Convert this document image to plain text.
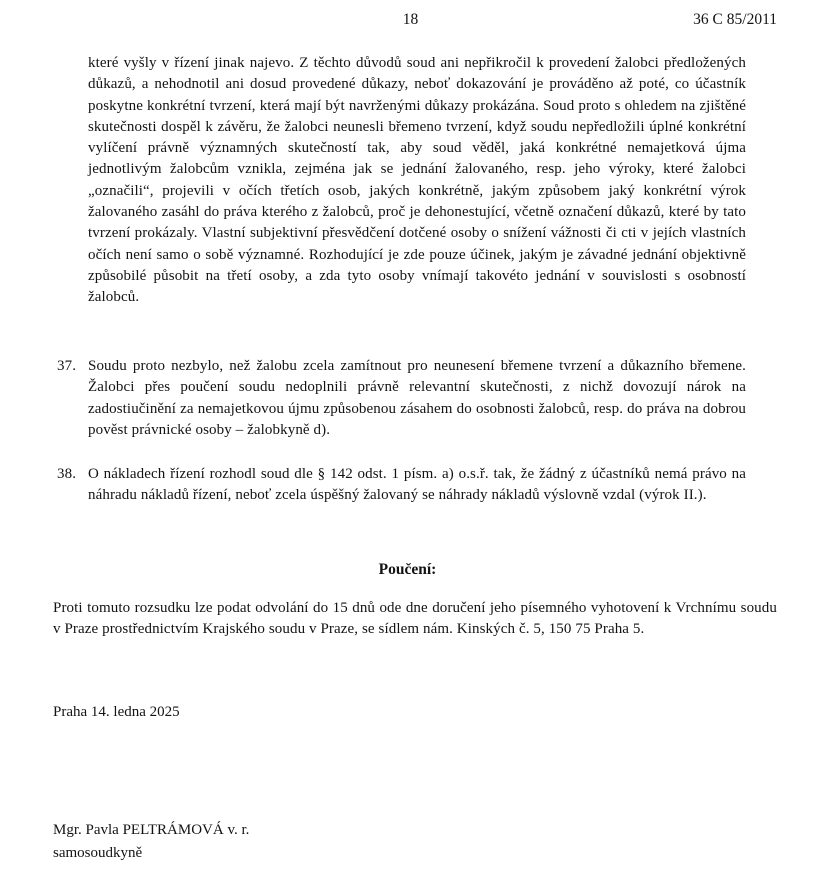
18	36 C 85/2011

které vyšly v řízení jinak najevo. Z těchto důvodů soud ani nepřikročil k provedení žalobci předložených důkazů, a nehodnotil ani dosud provedené důkazy, neboť dokazování je prováděno až poté, co účastník poskytne konkrétní tvrzení, která mají být navrženými důkazy prokázána. Soud proto s ohledem na zjištěné skutečnosti dospěl k závěru, že žalobci neunesli břemeno tvrzení, když soudu nepředložili úplné konkrétní vylíčení právně významných skutečností tak, aby soud věděl, jaká konkrétné nemajetková újma jednotlivým žalobcům vznikla, zejména jak se jednání žalovaného, resp. jeho výroky, které žalobci „označili“, projevili v očích třetích osob, jakých konkrétně, jakým způsobem jaký konkrétní výrok žalovaného zasáhl do práva kterého z žalobců, proč je dehonestující, včetně označení důkazů, které by tato tvrzení prokázaly. Vlastní subjektivní přesvědčení dotčené osoby o snížení vážnosti či cti v jejích vlastních očích není samo o sobě významné. Rozhodující je zde pouze účinek, jakým je závadné jednání objektivně způsobilé působit na třetí osoby, a zda tyto osoby vnímají takovéto jednání v souvislosti s osobností žalobců.

37. Soudu proto nezbylo, než žalobu zcela zamítnout pro neunesení břemene tvrzení a důkazního břemene. Žalobci přes poučení soudu nedoplnili právně relevantní skutečnosti, z nichž dovozují nárok na zadostiučinění za nemajetkovou újmu způsobenou zásahem do osobnosti žalobců, resp. do práva na dobrou pověst právnické osoby – žalobkyně d).
38. O nákladech řízení rozhodl soud dle § 142 odst. 1 písm. a) o.s.ř. tak, že žádný z účastníků nemá právo na náhradu nákladů řízení, neboť zcela úspěšný žalovaný se náhrady nákladů výslovně vzdal (výrok II.).
Poučení:

Proti tomuto rozsudku lze podat odvolání do 15 dnů ode dne doručení jeho písemného vyhotovení k Vrchnímu soudu v Praze prostřednictvím Krajského soudu v Praze, se sídlem nám. Kinských č. 5, 150 75 Praha 5.

Praha 14. ledna 2025
Mgr. Pavla PELTRÁMOVÁ v. r.
samosoudkyně
